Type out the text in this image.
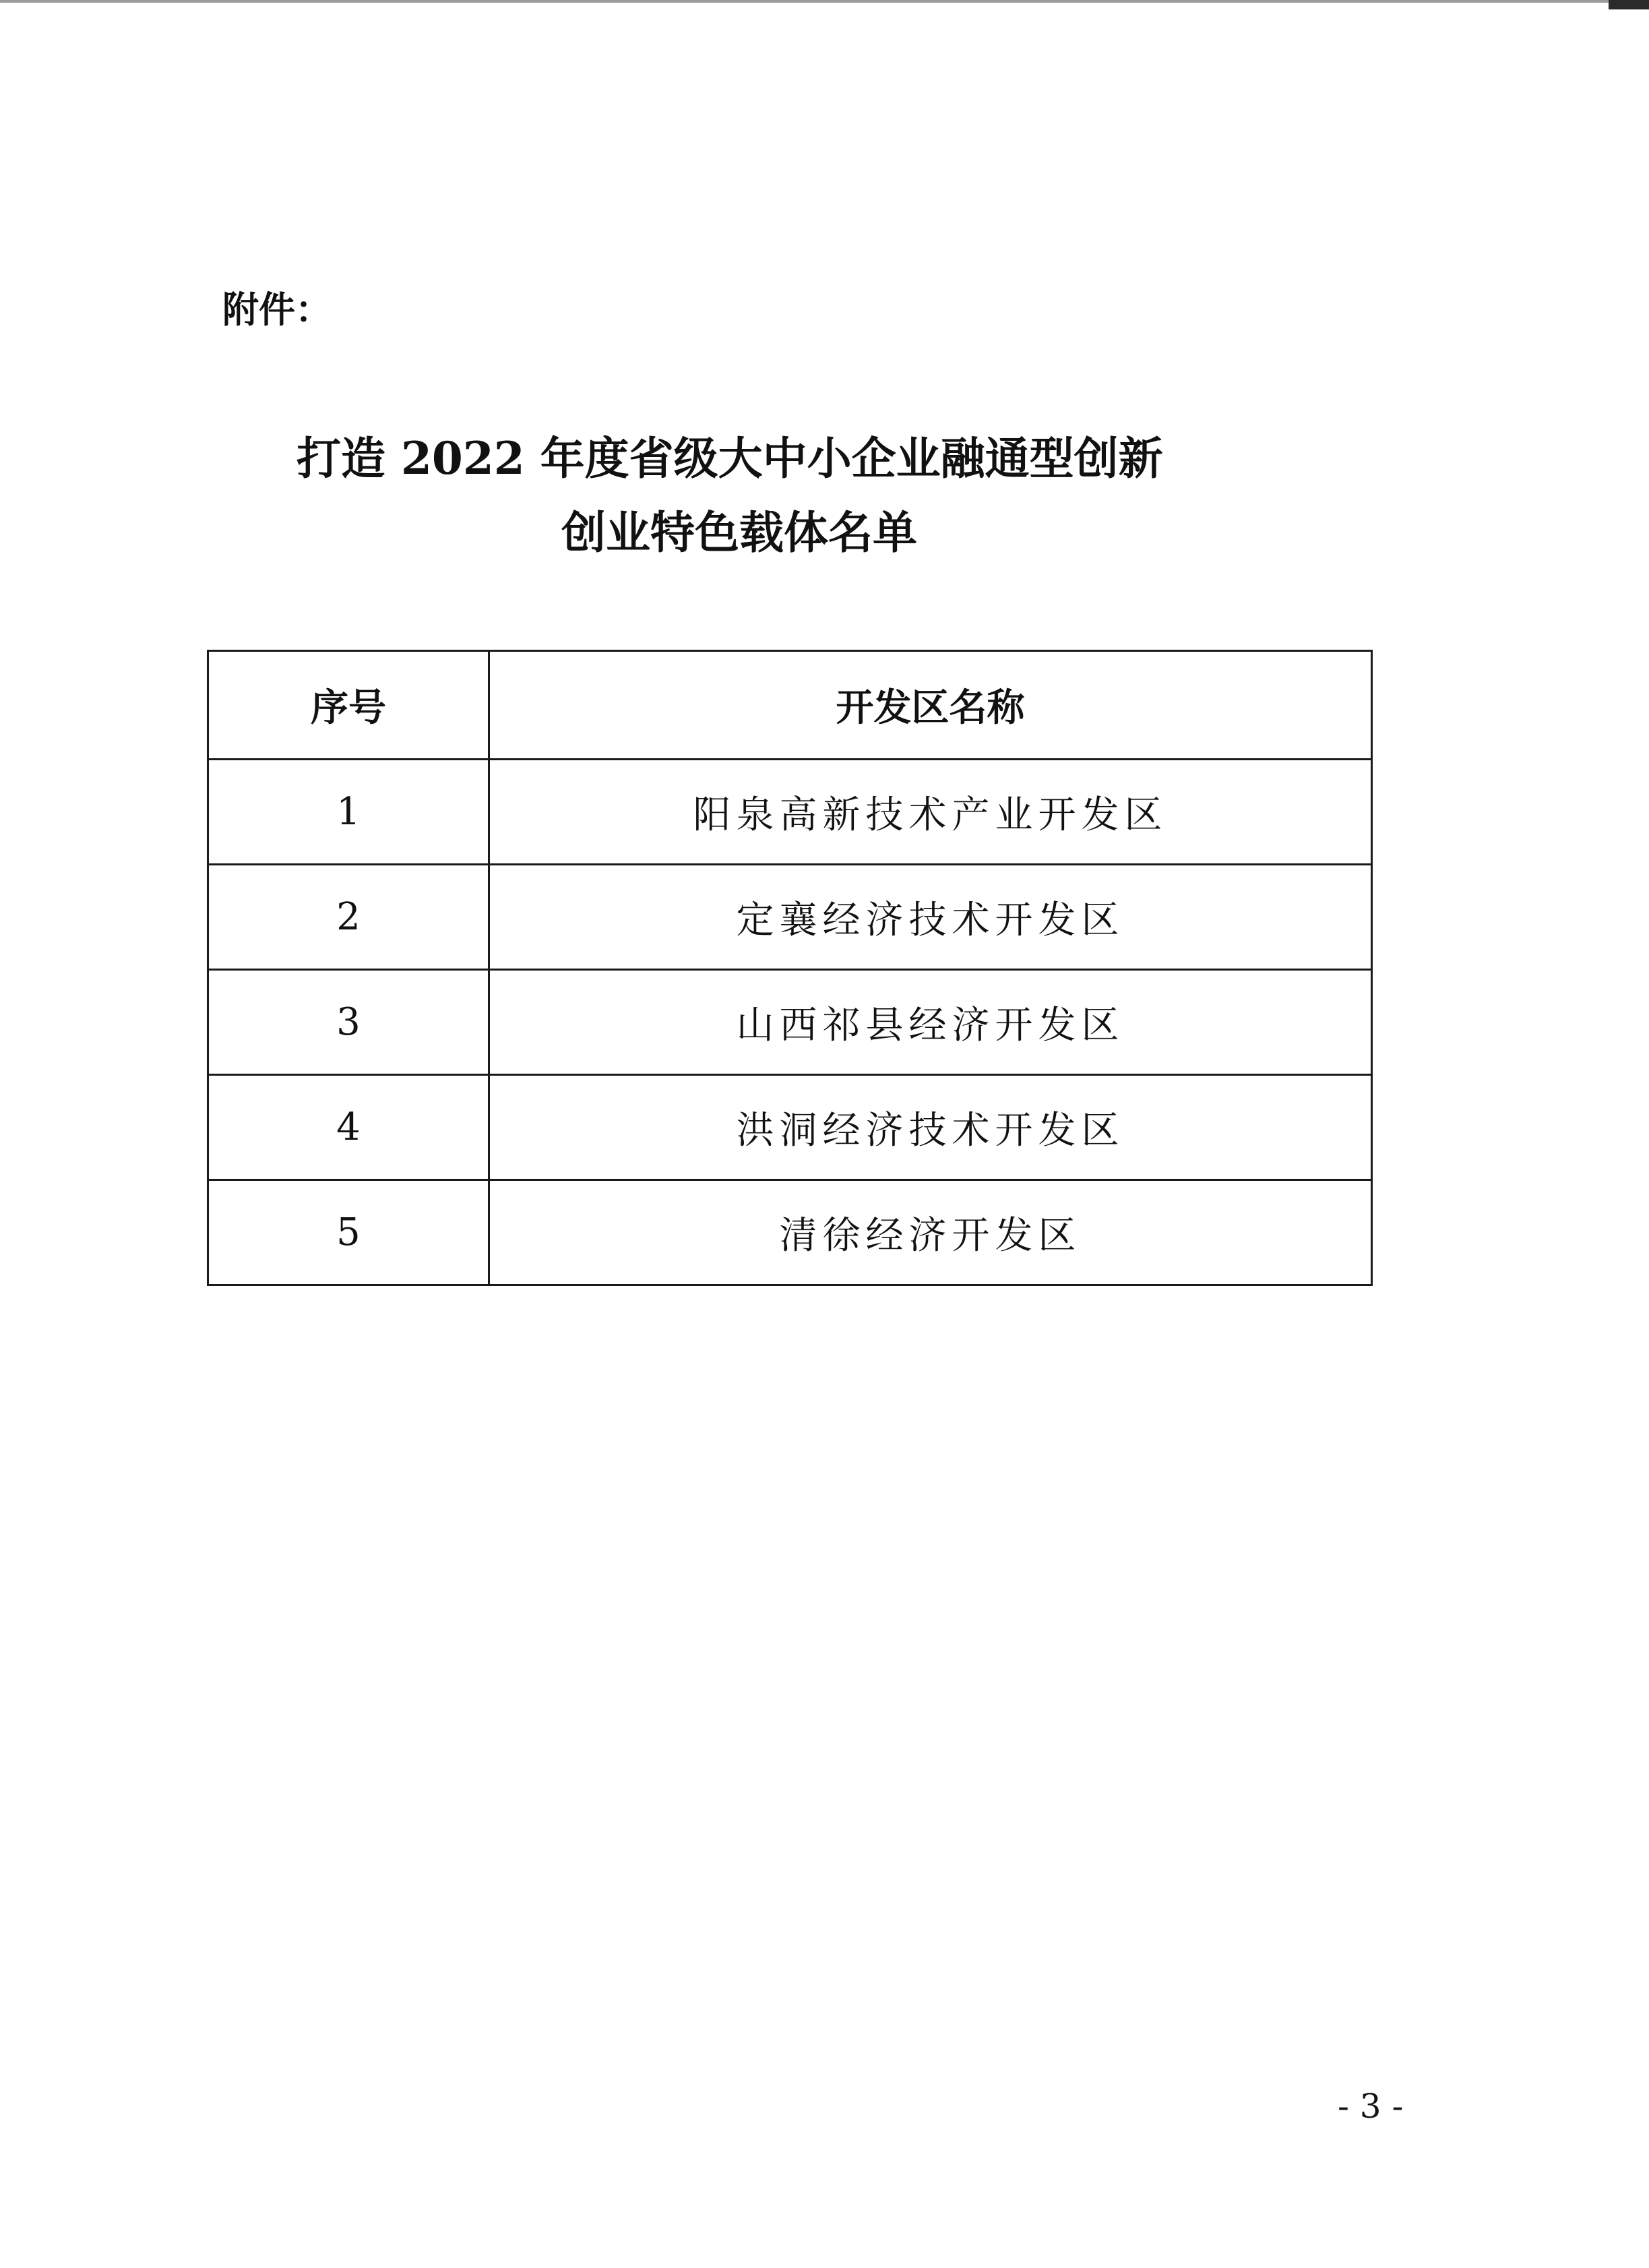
附件：
打造 2022 年度省级大中小企业融通型创新
创业特色载体名单
序号	开发区名称
1	阳泉高新技术产业开发区
2	定襄经济技术开发区
3	山西祁县经济开发区
4	洪洞经济技术开发区
5	清徐经济开发区
- 3 -
